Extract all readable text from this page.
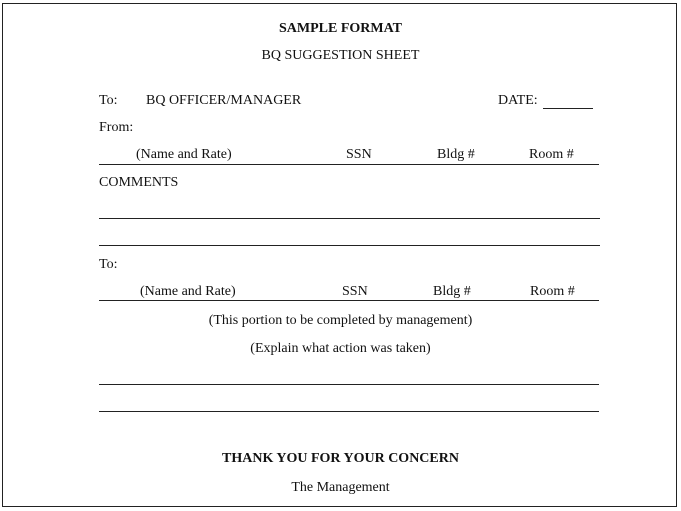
SAMPLE FORMAT
BQ SUGGESTION SHEET
To: BQ OFFICER/MANAGER	DATE:
From:
(Name and Rate)	SSN	Bldg #	Room #
COMMENTS
To:
(Name and Rate)	SSN	Bldg #	Room #
(This portion to be completed by management)
(Explain what action was taken)
THANK YOU FOR YOUR CONCERN
The Management
